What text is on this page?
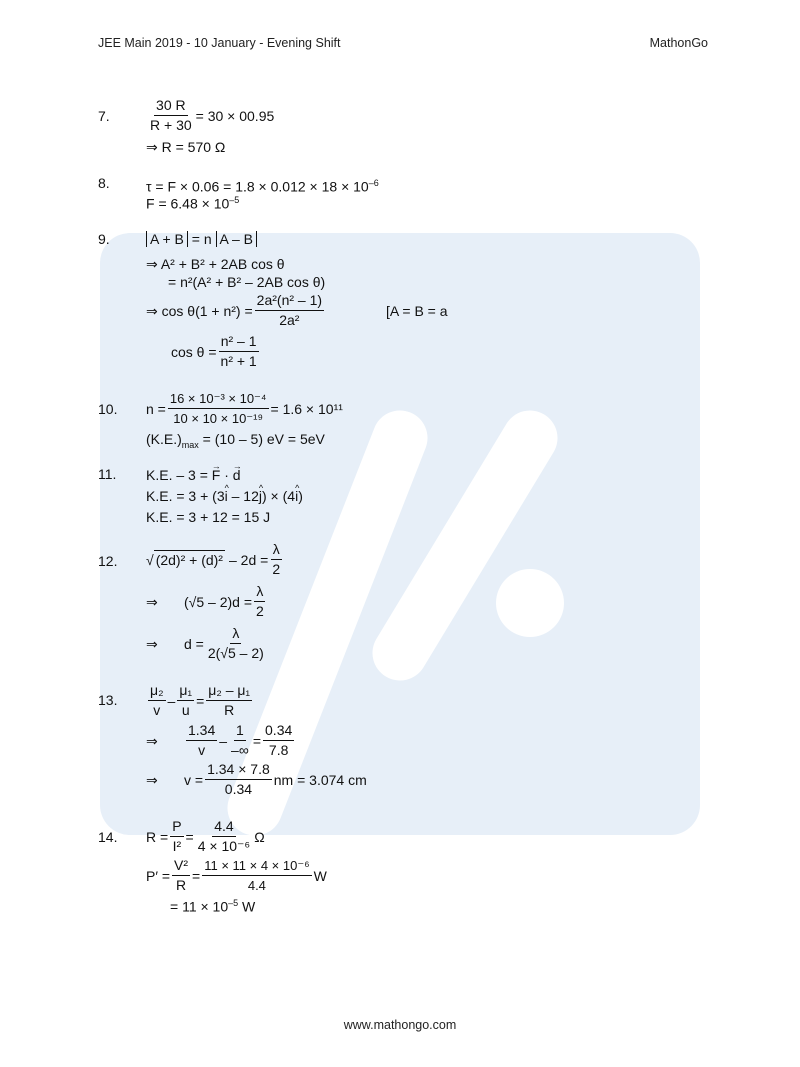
JEE Main 2019 - 10 January - Evening Shift	MathonGo
7.	$\frac{30 R}{R + 30} = 30 \times 00.95$
⇒ R = 570 Ω
8.	$\tau = F \times 0.06 = 1.8 \times 0.012 \times 18 \times 10^{-6}$
$F = 6.48 \times 10^{-5}$
9.	A + B = n A – B
⇒ A² + B² + 2AB cos θ
= n²(A² + B² – 2AB cos θ)
⇒ $\cos \theta(1 + n^2) = \frac{\text{2a²(n² – 1)}}{\text{2a²}}$	[A = B = a
$\cos \theta = \frac{\text{n² – 1}}{\text{n² + 1}}$
10. $n = \frac{\text{16 × 10⁻³ × 10⁻⁴}}{\text{10 × 10 × 10⁻¹⁹}} = 1.6 \times 10^{11}$
$(K.E.)_{max} = (10 - 5)$ eV = 5eV
11. K.E. – 3 = → F · → d
K.E. = 3 + (3^ i – 12^ j) × (4^ i)
K.E. = 3 + 12 = 15 J
12. √ $(2d)^2 + (d)^2 - 2d = \frac{\lambda}{2}$
⇒	$(√5 - 2)d = \frac{\lambda}{2}$
⇒	$d = \frac{\lambda}{2(√5 - 2)}$
13. $\frac{\text{μ₂}}{v} - \frac{\text{μ₁}}{u} = \frac{\text{μ₂ – μ₁}}{R}$
⇒	$\frac{1.34}{v} - \frac{1}{-\infty} = \frac{0.34}{7.8}$
⇒	$v = \frac{1.34 \times 7.8}{0.34}$ nm = 3.074 cm
14. $R = \frac{P}{\text{I²}} = \frac{4.4}{\text{4 × 10⁻⁶}}$ Ω
$P' = \frac{\text{V²}}{R} = \frac{\text{11 × 11 × 4 × 10⁻⁶}}{4.4}$ W
= $11 \times 10^{-5}$ W
www.mathongo.com
